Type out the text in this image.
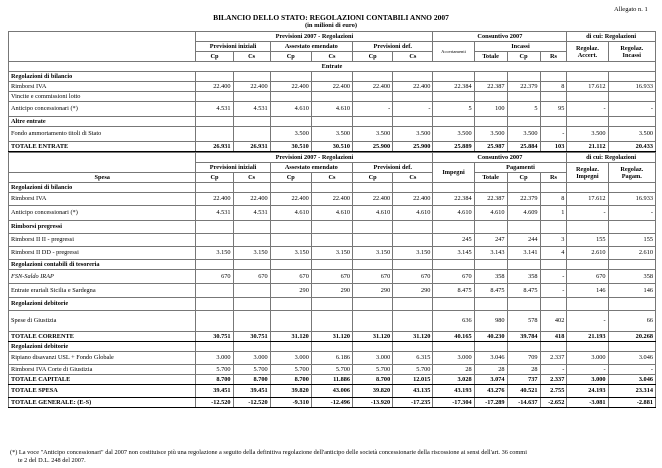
Allegato n. 1
BILANCIO DELLO STATO: REGOLAZIONI CONTABILI ANNO 2007
(in milioni di euro)
	Previsioni 2007 - Regolazioni						Consuntivo 2007				di cui: Regolazioni	
	Previsioni iniziali		Assestato emendato		Previsioni def.		Accertamenti	Incassi			Regolaz. Accert.	Regolaz. Incassi
	Cp	Cs	Cp	Cs	Cp	Cs		Totale	Cp	Rs		
Entrate												
Regolazioni di bilancio												
Rimborsi IVA	22.400	22.400	22.400	22.400	22.400	22.400	22.384	22.387	22.379	8	17.612	16.933
Vincite e commissioni lotto												
Anticipo concessionari (*)	4.531	4.531	4.610	4.610	-	-	5	100	5	95	-	-
Altre entrate												
Fondo ammortamento titoli di Stato			3.500	3.500	3.500	3.500	3.500	3.500	3.500	-	3.500	3.500
TOTALE ENTRATE	26.931	26.931	30.510	30.510	25.900	25.900	25.889	25.987	25.884	103	21.112	20.433
	Previsioni 2007 - Regolazioni						Consuntivo 2007				di cui: Regolazioni	
	Previsioni iniziali		Assestato emendato		Previsioni def.		Impegni	Pagamenti			Regolaz. Impegni	Regolaz. Pagam.
Spesa	Cp	Cs	Cp	Cs	Cp	Cs		Totale	Cp	Rs		
Regolazioni di bilancio												
Rimborsi IVA	22.400	22.400	22.400	22.400	22.400	22.400	22.384	22.387	22.379	8	17.612	16.933
Anticipo concessionari (*)	4.531	4.531	4.610	4.610	4.610	4.610	4.610	4.610	4.609	1	-	-
Rimborsi pregressi												
Rimborsi II II - pregressi							245	247	244	3	155	155
Rimborsi II DD - pregressi	3.150	3.150	3.150	3.150	3.150	3.150	3.145	3.143	3.141	4	2.610	2.610
Regolazioni contabili di tesoreria												
FSN-Saldo IRAP	670	670	670	670	670	670	670	358	358	-	670	358
Entrate erariali Sicilia e Sardegna			290	290	290	290	8.475	8.475	8.475	-	146	146
Regolazioni debitorie												
Spese di Giustizia							636	980	578	402	-	66
TOTALE CORRENTE	30.751	30.751	31.120	31.120	31.120	31.120	40.165	40.230	39.784	418	21.193	20.268
Regolazioni debitorie												
Ripiano disavanzi USL + Fondo Globale	3.000	3.000	3.000	6.186	3.000	6.315	3.000	3.046	709	2.337	3.000	3.046
Rimborsi IVA Corte di Giustizia	5.700	5.700	5.700	5.700	5.700	5.700	28	28	28	-	-	-
TOTALE CAPITALE	8.700	8.700	8.700	11.886	8.700	12.015	3.028	3.074	737	2.337	3.000	3.046
TOTALE SPESA	39.451	39.451	39.820	43.006	39.820	43.135	43.193	43.276	40.521	2.755	24.193	23.314
TOTALE GENERALE: (E-S)	-12.520	-12.520	-9.310	-12.496	-13.920	-17.235	-17.304	-17.289	-14.637	-2.652	-3.081	-2.881
(*) La voce "Anticipo concessionari" dal 2007 non costituisce più una regolazione a seguito della definitiva regolazione dell'anticipo delle società concessionarie della riscossione ai sensi dell'art. 36 commi
te 2 del D.L. 248 del 2007.
